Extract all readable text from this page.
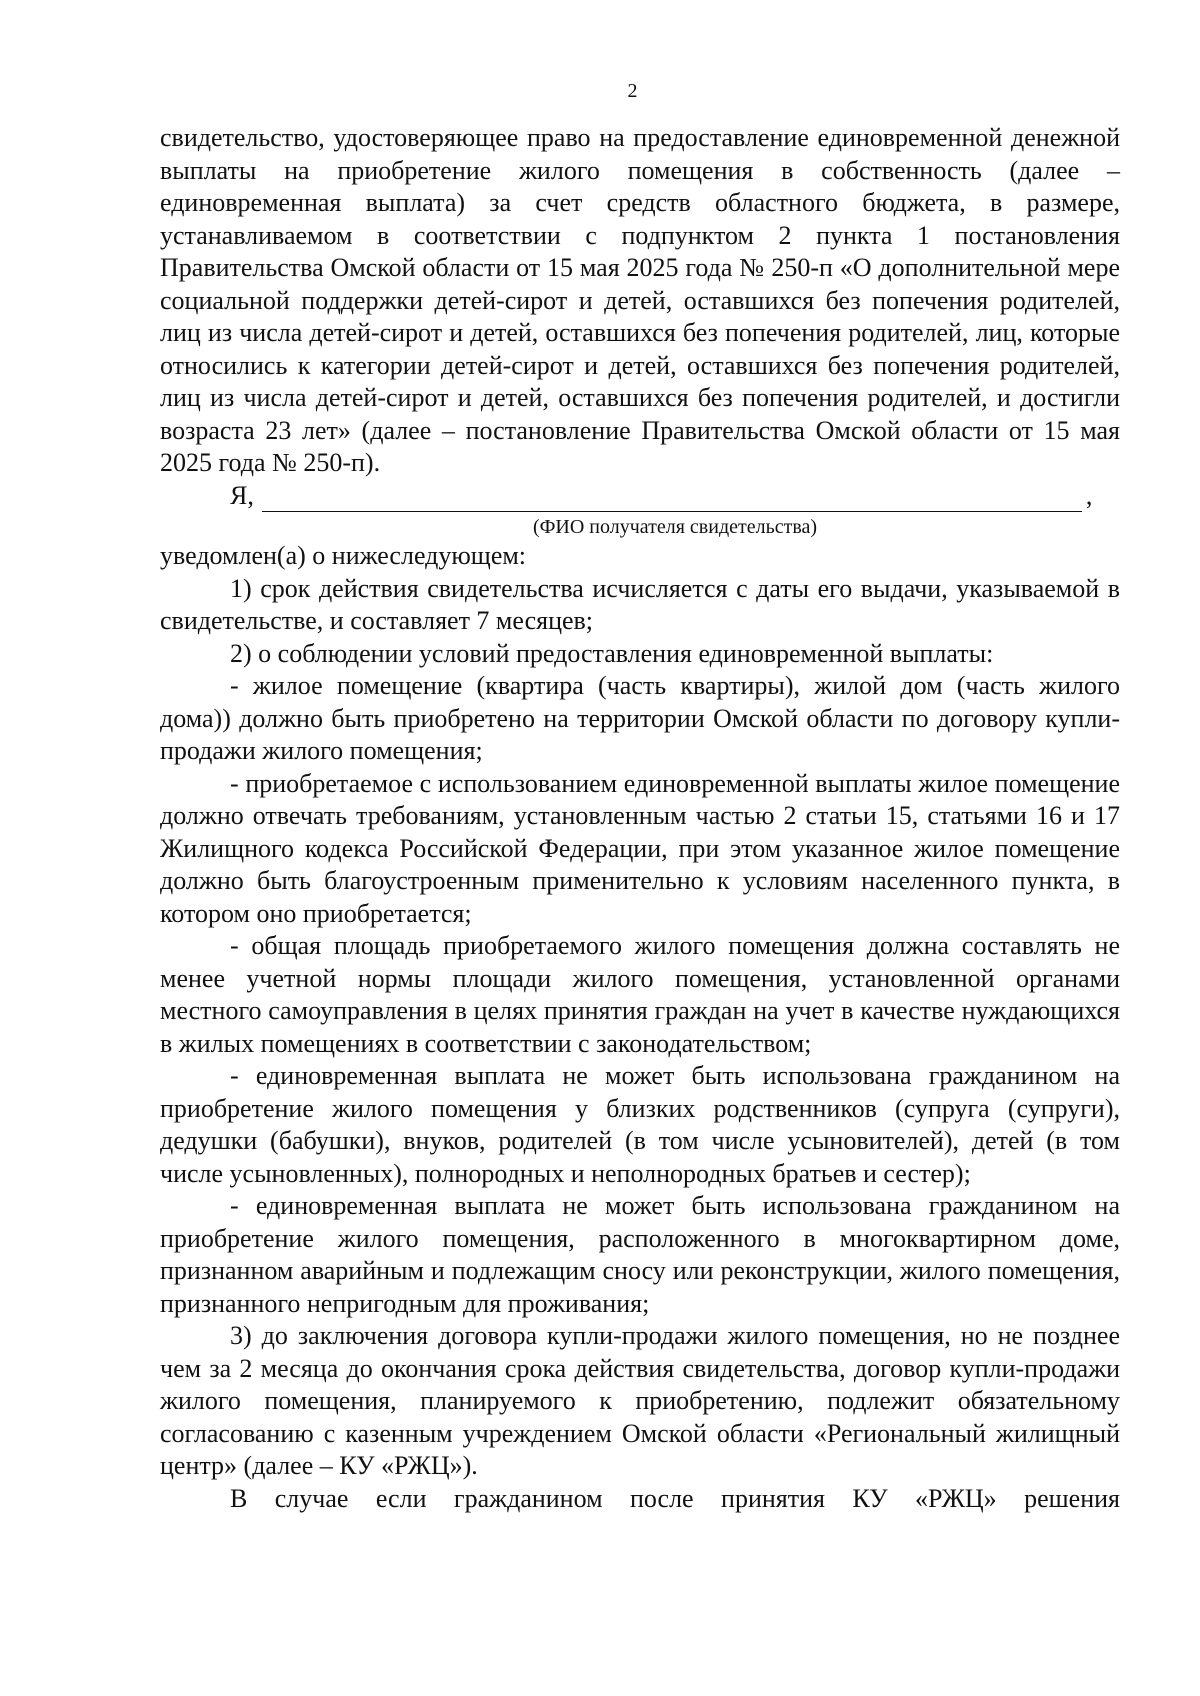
2

свидетельство, удостоверяющее право на предоставление единовременной денежной выплаты на приобретение жилого помещения в собственность (далее – единовременная выплата) за счет средств областного бюджета, в размере, устанавливаемом в соответствии с подпунктом 2 пункта 1 постановления Правительства Омской области от 15 мая 2025 года № 250-п «О дополнительной мере социальной поддержки детей-сирот и детей, оставшихся без попечения родителей, лиц из числа детей-сирот и детей, оставшихся без попечения родителей, лиц, которые относились к категории детей-сирот и детей, оставшихся без попечения родителей, лиц из числа детей-сирот и детей, оставшихся без попечения родителей, и достигли возраста 23 лет» (далее – постановление Правительства Омской области от 15 мая 2025 года № 250-п).

Я,	,
(ФИО получателя свидетельства)

уведомлен(а) о нижеследующем:

1) срок действия свидетельства исчисляется с даты его выдачи, указываемой в свидетельстве, и составляет 7 месяцев;

2) о соблюдении условий предоставления единовременной выплаты:

- жилое помещение (квартира (часть квартиры), жилой дом (часть жилого дома)) должно быть приобретено на территории Омской области по договору купли-продажи жилого помещения;

- приобретаемое с использованием единовременной выплаты жилое помещение должно отвечать требованиям, установленным частью 2 статьи 15, статьями 16 и 17 Жилищного кодекса Российской Федерации, при этом указанное жилое помещение должно быть благоустроенным применительно к условиям населенного пункта, в котором оно приобретается;

- общая площадь приобретаемого жилого помещения должна составлять не менее учетной нормы площади жилого помещения, установленной органами местного самоуправления в целях принятия граждан на учет в качестве нуждающихся в жилых помещениях в соответствии с законодательством;

- единовременная выплата не может быть использована гражданином на приобретение жилого помещения у близких родственников (супруга (супруги), дедушки (бабушки), внуков, родителей (в том числе усыновителей), детей (в том числе усыновленных), полнородных и неполнородных братьев и сестер);

- единовременная выплата не может быть использована гражданином на приобретение жилого помещения, расположенного в многоквартирном доме, признанном аварийным и подлежащим сносу или реконструкции, жилого помещения, признанного непригодным для проживания;

3) до заключения договора купли-продажи жилого помещения, но не позднее чем за 2 месяца до окончания срока действия свидетельства, договор купли-продажи жилого помещения, планируемого к приобретению, подлежит обязательному согласованию с казенным учреждением Омской области «Региональный жилищный центр» (далее – КУ «РЖЦ»).

В случае если гражданином после принятия КУ «РЖЦ» решения
